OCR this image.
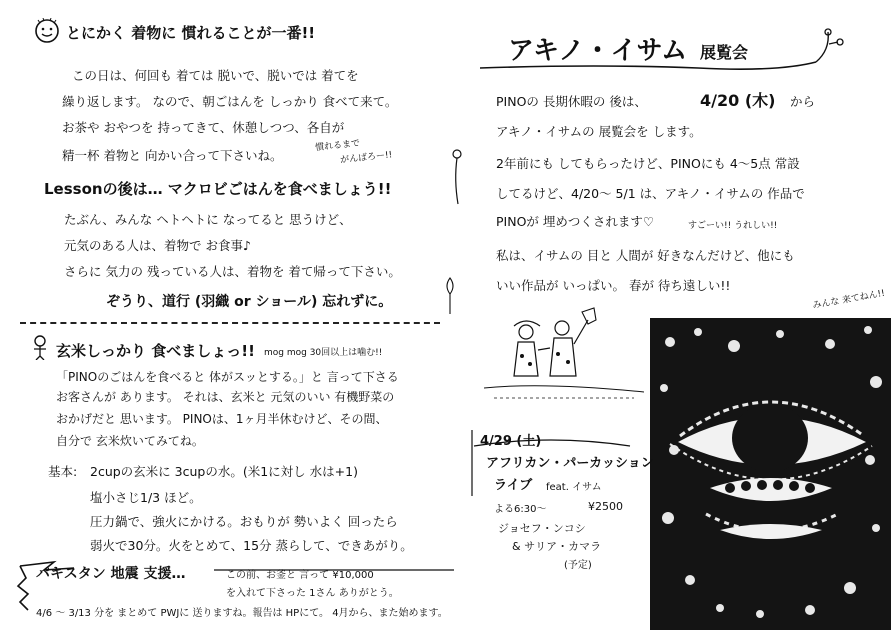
とにかく 着物に 慣れることが一番!!
この日は、何回も 着ては 脱いで、脱いでは 着てを
繰り返します。 なので、朝ごはんを しっかり 食べて来て。
お茶や おやつを 持ってきて、休憩しつつ、各自が
精一杯 着物と 向かい合って下さいね。
慣れるまで
がんばろー!!
Lessonの後は… マクロビごはんを食べましょう!!
たぶん、みんな ヘトヘトに なってると 思うけど、
元気のある人は、着物で お食事♪
さらに 気力の 残っている人は、着物を 着て帰って下さい。
ぞうり、道行 (羽織 or ショール) 忘れずに。
玄米しっかり 食べましょっ!! mog mog 30回以上は噛む!!
「PINOのごはんを食べると 体がスッとする。」と 言って下さる
お客さんが あります。 それは、玄米と 元気のいい 有機野菜の
おかげだと 思います。 PINOは、1ヶ月半休むけど、その間、
自分で 玄米炊いてみてね。
基本: 2cupの玄米に 3cupの水。(米1に対し 水は+1)
塩小さじ1/3 ほど。
圧力鍋で、強火にかける。おもりが 勢いよく 回ったら
弱火で30分。火をとめて、15分 蒸らして、できあがり。
パキスタン 地震 支援…	この前、お釜と 言って ¥10,000
を入れて下さった 1さん ありがとう。
4/6 〜 3/13 分を まとめて PWJに 送りますね。報告は HPにて。 4月から、また始めます。
アキノ・イサム 展覧会
PINOの 長期休暇の 後は、	4/20 (木) から
アキノ・イサムの 展覧会を します。
2年前にも してもらったけど、PINOにも 4〜5点 常設
してるけど、4/20〜 5/1 は、アキノ・イサムの 作品で
PINOが 埋めつくされます♡	すごーい!! うれしい!!
私は、イサムの 目と 人間が 好きなんだけど、他にも
いい作品が いっぱい。 春が 待ち遠しい!!
みんな 来てねん!!
4/29 (土)
アフリカン・パーカッション
ライブ feat. イサム
よる6:30〜	¥2500
ジョセフ・ンコシ
& サリア・カマラ
(予定)
